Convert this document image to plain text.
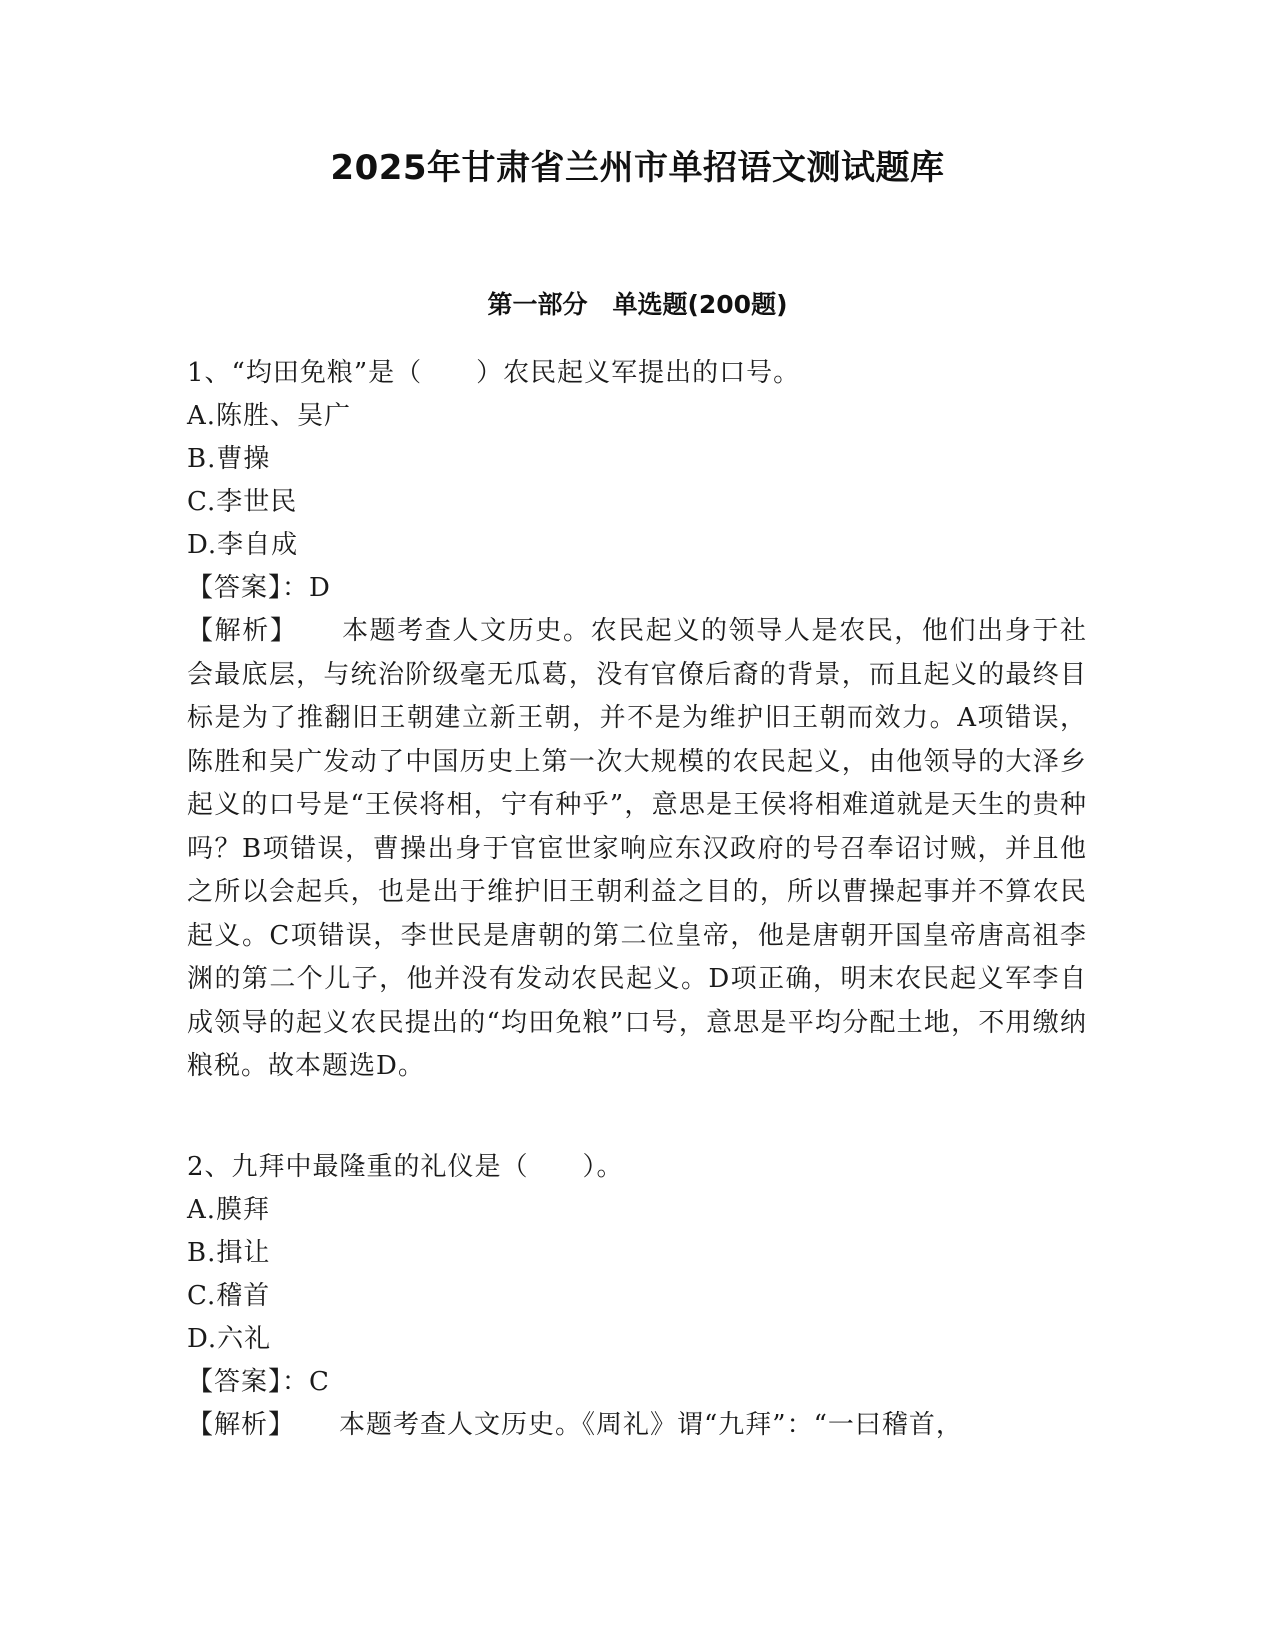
2025年甘肃省兰州市单招语文测试题库
第一部分　单选题(200题)
1、“均田免粮”是（　　）农民起义军提出的口号。
A.陈胜、吴广
B.曹操
C.李世民
D.李自成
【答案】：D
【解析】 本题考查人文历史。农民起义的领导人是农民，他们出身于社会最底层，与统治阶级毫无瓜葛，没有官僚后裔的背景，而且起义的最终目标是为了推翻旧王朝建立新王朝，并不是为维护旧王朝而效力。A项错误，陈胜和吴广发动了中国历史上第一次大规模的农民起义，由他领导的大泽乡起义的口号是“王侯将相，宁有种乎”，意思是王侯将相难道就是天生的贵种吗？B项错误，曹操出身于官宦世家响应东汉政府的号召奉诏讨贼，并且他之所以会起兵，也是出于维护旧王朝利益之目的，所以曹操起事并不算农民起义。C项错误，李世民是唐朝的第二位皇帝，他是唐朝开国皇帝唐高祖李渊的第二个儿子，他并没有发动农民起义。D项正确，明末农民起义军李自成领导的起义农民提出的“均田免粮”口号，意思是平均分配土地，不用缴纳粮税。故本题选D。
2、九拜中最隆重的礼仪是（　　）。
A.膜拜
B.揖让
C.稽首
D.六礼
【答案】：C
【解析】 本题考查人文历史。《周礼》谓“九拜”：“一曰稽首，
